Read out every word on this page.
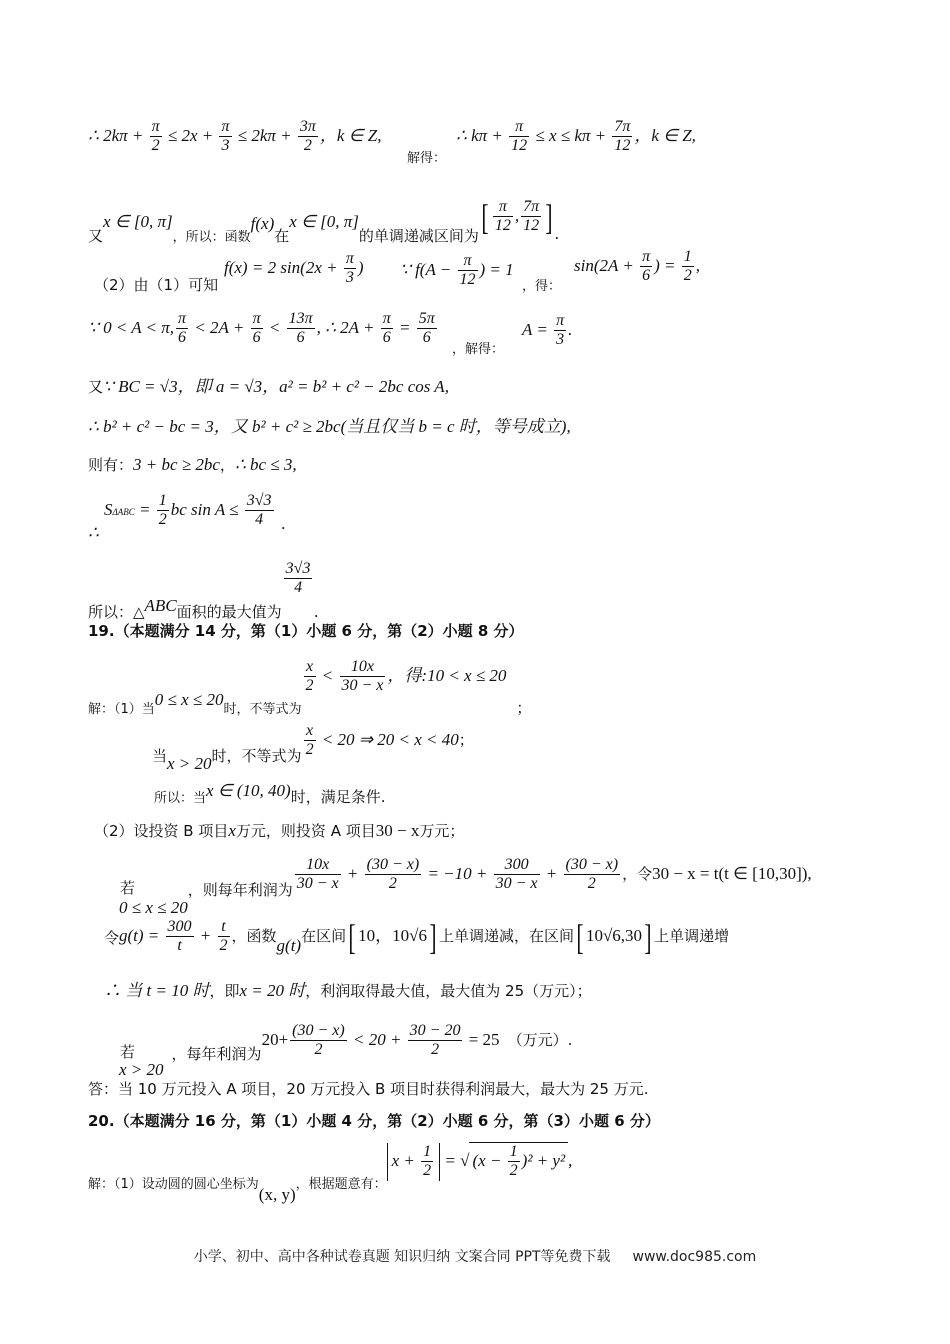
∴ $2k\pi + \frac{\pi}{2} \le 2x + \frac{\pi}{3} \le 2k\pi + \frac{3\pi}{2}$ ，k ∈ Z,
解得：
∴ $k\pi + \frac{\pi}{12} \le x \le k\pi + \frac{7\pi}{12}$ ，k ∈ Z,
又x ∈ [0, π]，所以：函数f(x)在x ∈ [0, π]的单调递减区间为[ $\frac{\pi}{12}$ , $\frac{7\pi}{12}$ ] .
（2）由（1）可知
f(x) = 2 $\sin(2x + \frac{\pi}{3}$ ) ∵ $f(A - \frac{\pi}{12}$ ) = 1
，得：
$\sin(2A + \frac{\pi}{6}$ ) = $\frac{1}{2}$ ,
∵ 0 < A < π, $\frac{\pi}{6} < 2A + \frac{\pi}{6} < \frac{13\pi}{6}$ , ∴ $2A + \frac{\pi}{6} = \frac{5\pi}{6}$
，解得：
$A = \frac{\pi}{3}$ .
又∵ BC = √3，即 a = √3，a² = b² + c² − 2bc cos A,
∴ b² + c² − bc = 3，又 b² + c² ≥ 2bc(当且仅当 b = c 时，等号成立),
则有：3 + bc ≥ 2bc，∴ bc ≤ 3,
$S\Delta ABC = \frac{1}{2}$ bc $\sin A \le \frac{3√3}{4}$ .
∴
所以：△ABC面积的最大值为
$\frac{3√3}{4}$
.
19.（本题满分 14 分，第（1）小题 6 分，第（2）小题 8 分）
解：（1）当0 ≤ x ≤ 20时，不等式为
$\frac{x}{2} < \frac{10x}{30 - x}$ ，得:10 < x ≤ 20；
当x > 20时，不等式为 $\frac{x}{2} < 20$ ⇒ 20 < x < 40；
所以：当x ∈ (10, 40)时，满足条件.
（2）设投资 B 项目x万元，则投资 A 项目30 − x万元；
若0 ≤ x ≤ 20，则每年利润为 $\frac{10x}{30 - x} + \frac{(30 - x)}{2} = -10 + \frac{300}{30 - x} + \frac{(30 - x)}{2}$ ，令30 − x = t(t ∈ [10,30]),
令$g(t) = \frac{300}{t} + \frac{t}{2}$ ，函数g(t)在区间[ 10，10√6] 上单调递减，在区间[ 10√6,30] 上单调递增
∴ 当 t = 10 时，即x = 20 时，利润取得最大值，最大值为 25（万元）；
若x > 20，每年利润为$20+ \frac{(30 - x)}{2} < 20 + \frac{30 - 20}{2} = 25$ （万元）.
答：当 10 万元投入 A 项目，20 万元投入 B 项目时获得利润最大，最大为 25 万元.
20.（本题满分 16 分，第（1）小题 4 分，第（2）小题 6 分，第（3）小题 6 分）
解：（1）设动圆的圆心坐标为(x, y)，根据题意有：$x + \frac{1}{2}$ = √ $(x - \frac{1}{2} )^2 + y^2$ ,
小学、初中、高中各种试卷真题 知识归纳 文案合同 PPT等免费下载 www.doc985.com
